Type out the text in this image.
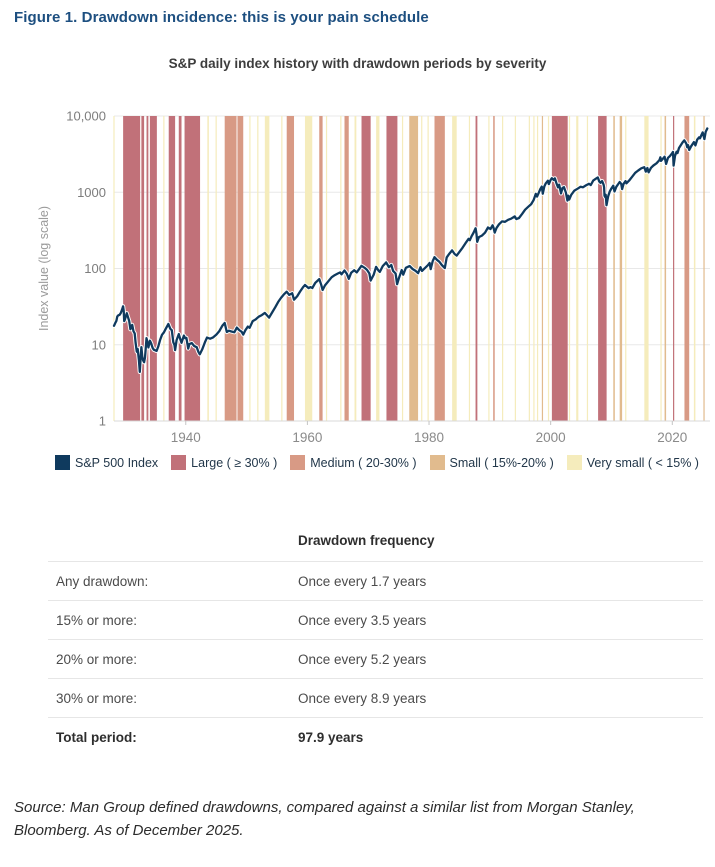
Figure 1. Drawdown incidence: this is your pain schedule
S&P daily index history with drawdown periods by severity
10,000
1000
100
10
1
1940	1960	1980	2000	2020
Index value (log scale)
S&P 500 Index	Large ( ≥ 30% )	Medium ( 20-30% )	Small ( 15%-20% )	Very small ( < 15% )
Drawdown frequency
Any drawdown:	Once every 1.7 years
15% or more:	Once every 3.5 years
20% or more:	Once every 5.2 years
30% or more:	Once every 8.9 years
Total period:	97.9 years
Source: Man Group defined drawdowns, compared against a similar list from Morgan Stanley, Bloomberg. As of December 2025.
